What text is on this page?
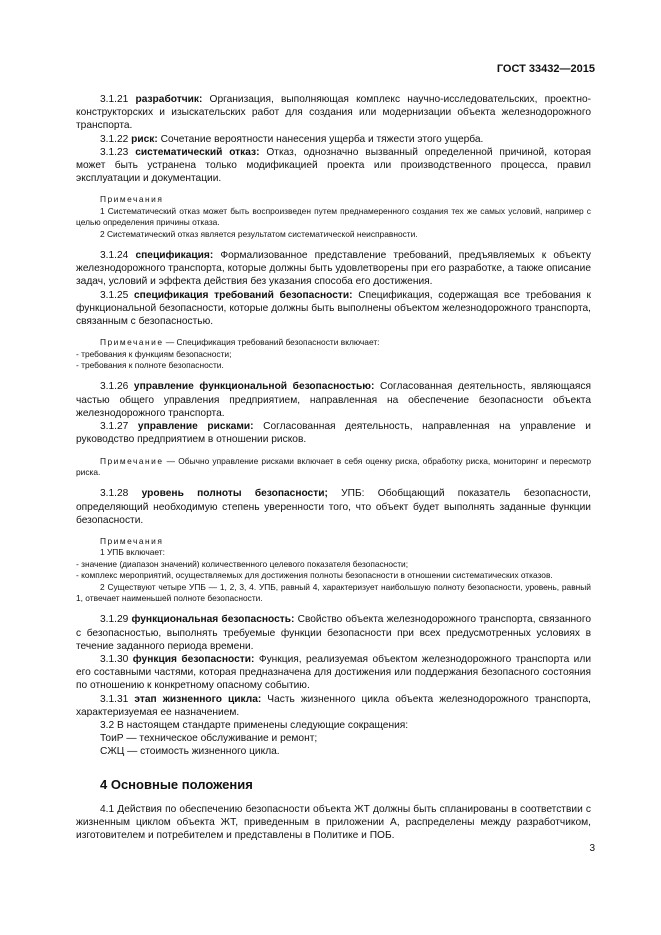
ГОСТ 33432—2015

3.1.21 разработчик: Организация, выполняющая комплекс научно-исследовательских, проектно-конструкторских и изыскательских работ для создания или модернизации объекта железнодорожного транспорта.

3.1.22 риск: Сочетание вероятности нанесения ущерба и тяжести этого ущерба.

3.1.23 систематический отказ: Отказ, однозначно вызванный определенной причиной, которая может быть устранена только модификацией проекта или производственного процесса, правил эксплуатации и документации.

Примечания

1 Систематический отказ может быть воспроизведен путем преднамеренного создания тех же самых условий, например с целью определения причины отказа.

2 Систематический отказ является результатом систематической неисправности.

3.1.24 спецификация: Формализованное представление требований, предъявляемых к объекту железнодорожного транспорта, которые должны быть удовлетворены при его разработке, а также описание задач, условий и эффекта действия без указания способа его достижения.

3.1.25 спецификация требований безопасности: Спецификация, содержащая все требования к функциональной безопасности, которые должны быть выполнены объектом железнодорожного транспорта, связанным с безопасностью.

Примечание — Спецификация требований безопасности включает:

- требования к функциям безопасности;

- требования к полноте безопасности.

3.1.26 управление функциональной безопасностью: Согласованная деятельность, являющаяся частью общего управления предприятием, направленная на обеспечение безопасности объекта железнодорожного транспорта.

3.1.27 управление рисками: Согласованная деятельность, направленная на управление и руководство предприятием в отношении рисков.

Примечание — Обычно управление рисками включает в себя оценку риска, обработку риска, мониторинг и пересмотр риска.

3.1.28 уровень полноты безопасности; УПБ: Обобщающий показатель безопасности, определяющий необходимую степень уверенности того, что объект будет выполнять заданные функции безопасности.

Примечания

1 УПБ включает:

- значение (диапазон значений) количественного целевого показателя безопасности;

- комплекс мероприятий, осуществляемых для достижения полноты безопасности в отношении систематических отказов.

2 Существуют четыре УПБ — 1, 2, 3, 4. УПБ, равный 4, характеризует наибольшую полноту безопасности, уровень, равный 1, отвечает наименьшей полноте безопасности.

3.1.29 функциональная безопасность: Свойство объекта железнодорожного транспорта, связанного с безопасностью, выполнять требуемые функции безопасности при всех предусмотренных условиях в течение заданного периода времени.

3.1.30 функция безопасности: Функция, реализуемая объектом железнодорожного транспорта или его составными частями, которая предназначена для достижения или поддержания безопасного состояния по отношению к конкретному опасному событию.

3.1.31 этап жизненного цикла: Часть жизненного цикла объекта железнодорожного транспорта, характеризуемая ее назначением.

3.2 В настоящем стандарте применены следующие сокращения:

ТоиР — техническое обслуживание и ремонт;

СЖЦ — стоимость жизненного цикла.

4 Основные положения

4.1 Действия по обеспечению безопасности объекта ЖТ должны быть спланированы в соответствии с жизненным циклом объекта ЖТ, приведенным в приложении А, распределены между разработчиком, изготовителем и потребителем и представлены в Политике и ПОБ.

3
